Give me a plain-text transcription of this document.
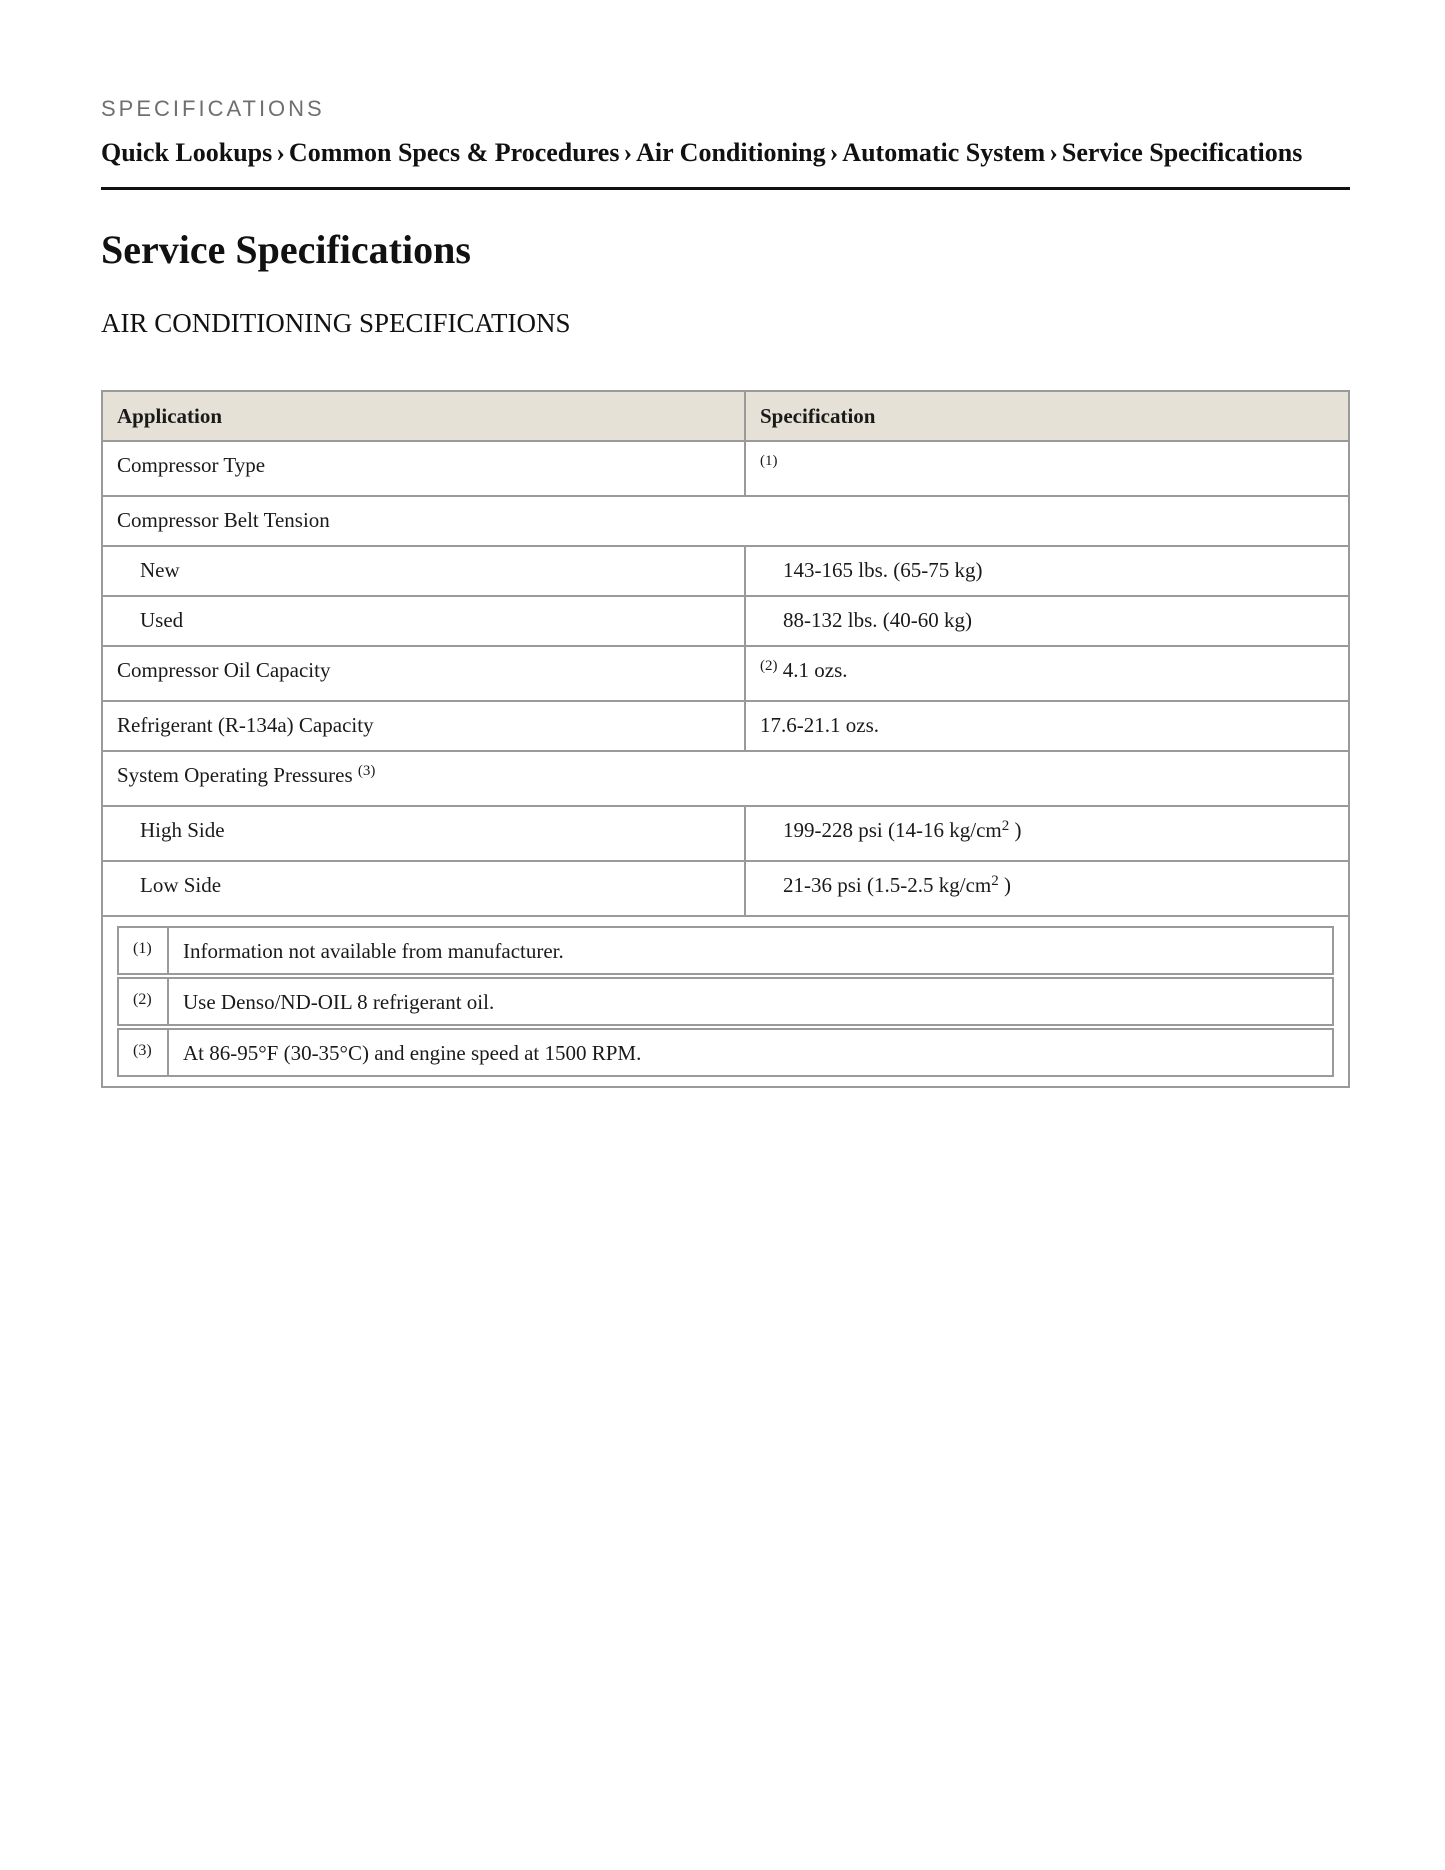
SPECIFICATIONS
Quick Lookups › Common Specs & Procedures › Air Conditioning › Automatic System › Service Specifications
Service Specifications
AIR CONDITIONING SPECIFICATIONS
Application	Specification
Compressor Type	$^{(1)}$
Compressor Belt Tension
New	143-165 lbs. (65-75 kg)
Used	88-132 lbs. (40-60 kg)
Compressor Oil Capacity	$^{(2)}$ 4.1 ozs.
Refrigerant (R-134a) Capacity	17.6-21.1 ozs.
System Operating Pressures $^{(3)}$
High Side	199-228 psi (14-16 $kg/cm^2$ )
Low Side	21-36 psi (1.5-2.5 $kg/cm^2$ )

(1)	Information not available from manufacturer.
(2)	Use Denso/ND-OIL 8 refrigerant oil.
(3)	At 86-95°F (30-35°C) and engine speed at 1500 RPM.
